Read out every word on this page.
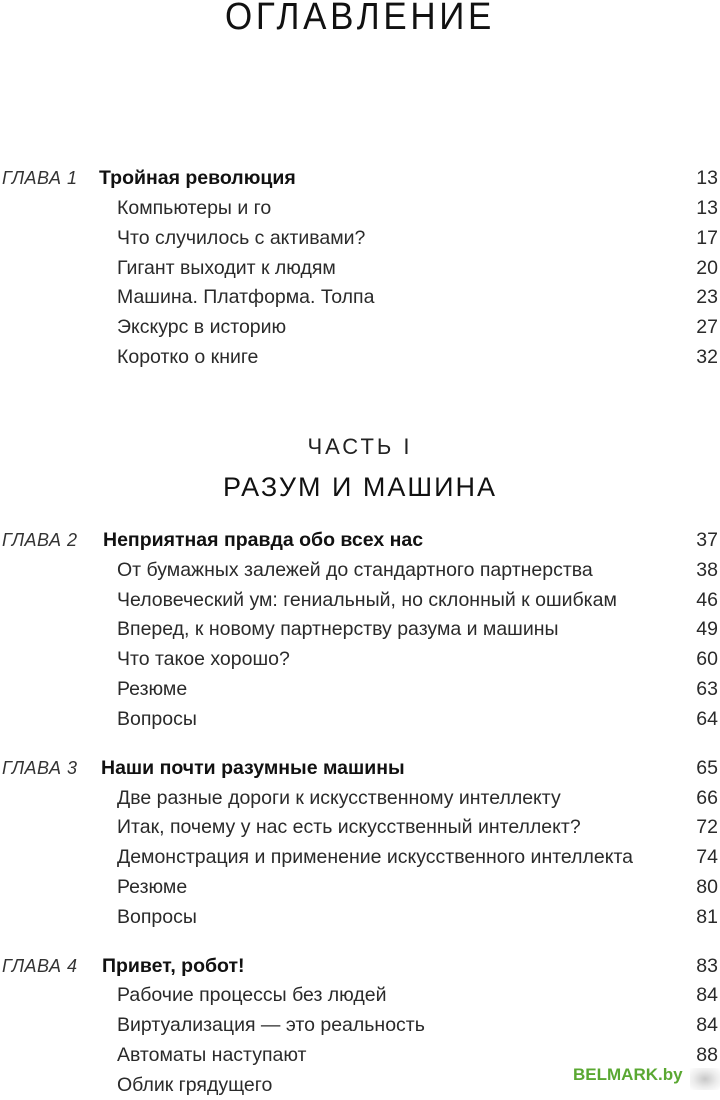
ОГЛАВЛЕНИЕ
ГЛАВА 1 Тройная революция	13
Компьютеры и го	13
Что случилось с активами?	17
Гигант выходит к людям	20
Машина. Платформа. Толпа	23
Экскурс в историю	27
Коротко о книге	32
ЧАСТЬ I
РАЗУМ И МАШИНА
ГЛАВА 2 Неприятная правда обо всех нас	37
От бумажных залежей до стандартного партнерства	38
Человеческий ум: гениальный, но склонный к ошибкам	46
Вперед, к новому партнерству разума и машины	49
Что такое хорошо?	60
Резюме	63
Вопросы	64
ГЛАВА 3 Наши почти разумные машины	65
Две разные дороги к искусственному интеллекту	66
Итак, почему у нас есть искусственный интеллект?	72
Демонстрация и применение искусственного интеллекта	74
Резюме	80
Вопросы	81
ГЛАВА 4 Привет, робот!	83
Рабочие процессы без людей	84
Виртуализация — это реальность	84
Автоматы наступают	88
Облик грядущего	BELMARK.by
